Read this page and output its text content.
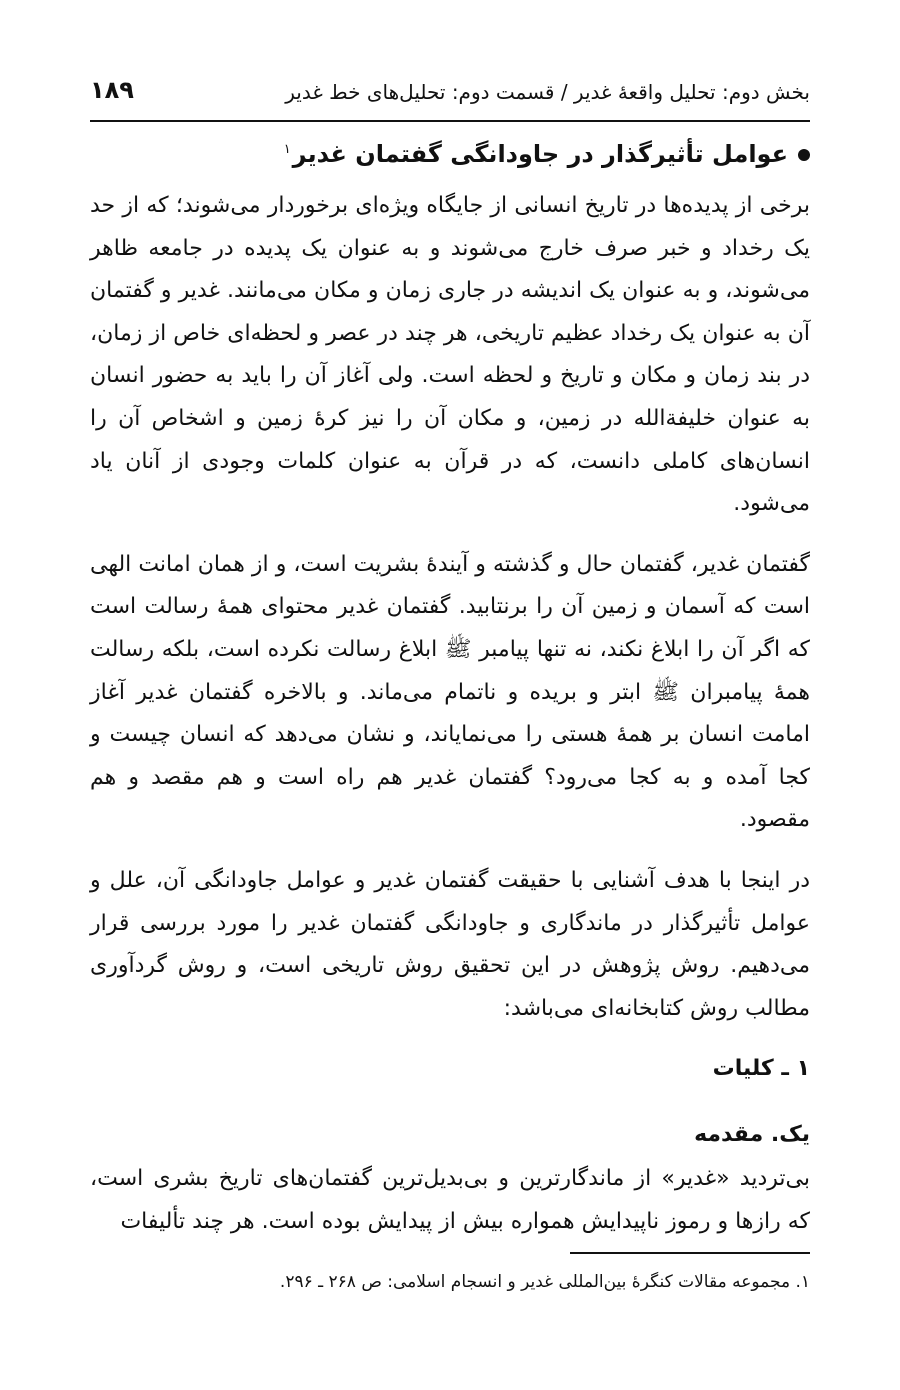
بخش دوم: تحلیل واقعهٔ غدیر / قسمت دوم: تحلیل‌های خط غدیر
۱۸۹
عوامل تأثیرگذار در جاودانگی گفتمان غدیر$^۱$

برخی از پدیده‌ها در تاریخ انسانی از جایگاه ویژه‌ای برخوردار می‌شوند؛ که از حد یک رخداد و خبر صرف خارج می‌شوند و به عنوان یک پدیده در جامعه ظاهر می‌شوند، و به عنوان یک اندیشه در جاری زمان و مکان می‌مانند. غدیر و گفتمان آن به عنوان یک رخداد عظیم تاریخی، هر چند در عصر و لحظه‌ای خاص از زمان، در بند زمان و مکان و تاریخ و لحظه است. ولی آغاز آن را باید به حضور انسان به عنوان خلیفةالله در زمین، و مکان آن را نیز کرهٔ زمین و اشخاص آن را انسان‌های کاملی دانست، که در قرآن به عنوان کلمات وجودی از آنان یاد می‌شود.

گفتمان غدیر، گفتمان حال و گذشته و آیندهٔ بشریت است، و از همان امانت الهی است که آسمان و زمین آن را برنتابید. گفتمان غدیر محتوای همهٔ رسالت است که اگر آن را ابلاغ نکند، نه تنها پیامبر ﷺ ابلاغ رسالت نکرده است، بلکه رسالت همهٔ پیامبران ﷺ ابتر و بریده و ناتمام می‌ماند. و بالاخره گفتمان غدیر آغاز امامت انسان بر همهٔ هستی را می‌نمایاند، و نشان می‌دهد که انسان چیست و کجا آمده و به کجا می‌رود؟ گفتمان غدیر هم راه است و هم مقصد و هم مقصود.

در اینجا با هدف آشنایی با حقیقت گفتمان غدیر و عوامل جاودانگی آن، علل و عوامل تأثیرگذار در ماندگاری و جاودانگی گفتمان غدیر را مورد بررسی قرار می‌دهیم. روش پژوهش در این تحقیق روش تاریخی است، و روش گردآوری مطالب روش کتابخانه‌ای می‌باشد:

۱ ـ کلیات

یک. مقدمه

بی‌تردید «غدیر» از ماندگارترین و بی‌بدیل‌ترین گفتمان‌های تاریخ بشری است، که رازها و رموز ناپیدایش همواره بیش از پیدایش بوده است. هر چند تألیفات

۱. مجموعه مقالات کنگرهٔ بین‌المللی غدیر و انسجام اسلامی: ص ۲۶۸ ـ ۲۹۶.
